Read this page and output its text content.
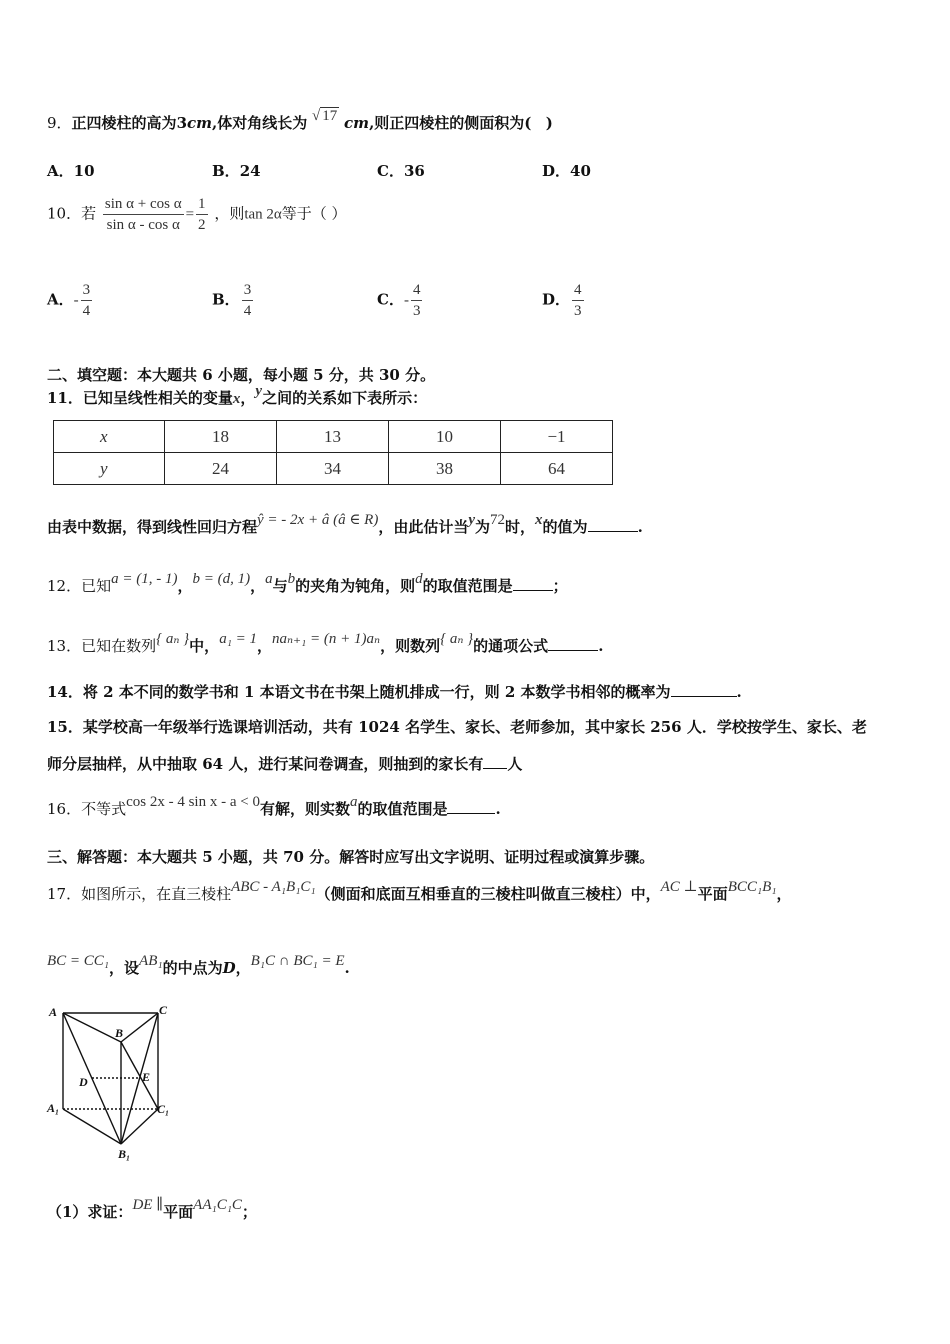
9．正四棱柱的高为3cm,体对角线长为 √ 17 cm,则正四棱柱的侧面积为( )
A．10	B．24	C．36	D．40
10．若 $\frac{\text{sin α + cos α}}{\text{sin α - cos α}} = \frac{1}{2}$ ，则tan 2α等于（ ）
A．- $\frac{3}{4}$	B． $\frac{3}{4}$	C．- $\frac{4}{3}$	D． $\frac{4}{3}$
二、填空题：本大题共 6 小题，每小题 5 分，共 30 分。
11．已知呈线性相关的变量x，y之间的关系如下表所示：
x	18	13	10	−1
y	24	34	38	64
由表中数据，得到线性回归方程ŷ = - 2x + â (â ∈ R)，由此估计当y为72时，x的值为	.
12．已知a = (1, - 1)，b = (d, 1)，a与b的夹角为钝角，则d的取值范围是	；
13．已知在数列{ aₙ }中，a₁ = 1，naₙ₊₁ = (n + 1)aₙ，则数列{ aₙ }的通项公式	.
14．将 2 本不同的数学书和 1 本语文书在书架上随机排成一行，则 2 本数学书相邻的概率为	.
15．某学校高一年级举行选课培训活动，共有 1024 名学生、家长、老师参加，其中家长 256 人．学校按学生、家长、老
师分层抽样，从中抽取 64 人，进行某问卷调查，则抽到的家长有 人
16．不等式cos 2x - 4 sin x - a < 0有解，则实数a的取值范围是	.
三、解答题：本大题共 5 小题，共 70 分。解答时应写出文字说明、证明过程或演算步骤。
17．如图所示，在直三棱柱ABC - A₁B₁C₁（侧面和底面互相垂直的三棱柱叫做直三棱柱）中，AC ⊥平面BCC₁B₁，
BC = CC₁，设AB₁的中点为D，B₁C ∩ BC₁ = E.
A	C
B
D	E
A₁	C₁
B₁
（1）求证：DE ∥平面AA₁C₁C；
